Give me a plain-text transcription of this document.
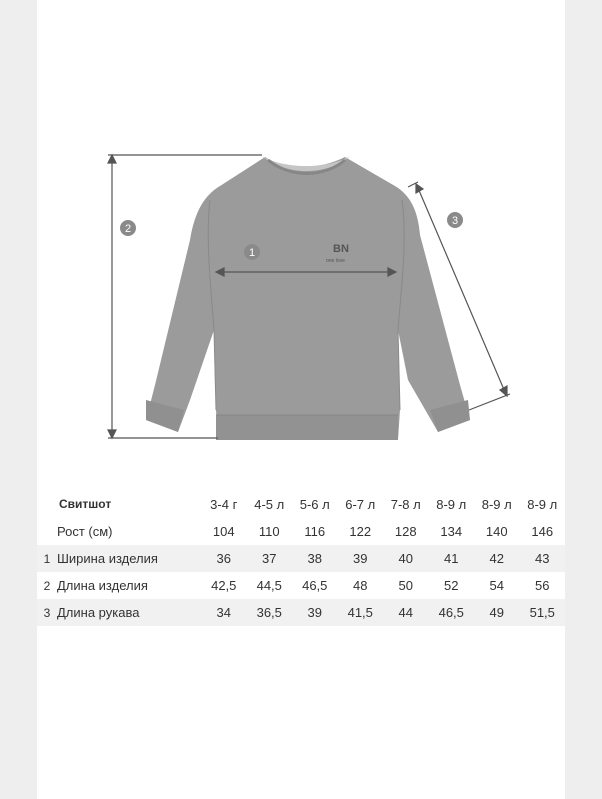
BN
one love
1
2
3
Свитшот		3-4 г	4-5 л	5-6 л	6-7 л	7-8 л	8-9 л	8-9 л	8-9 л
	Рост (см)	104	110	116	122	128	134	140	146
1	Ширина изделия	36	37	38	39	40	41	42	43
2	Длина изделия	42,5	44,5	46,5	48	50	52	54	56
3	Длина рукава	34	36,5	39	41,5	44	46,5	49	51,5
